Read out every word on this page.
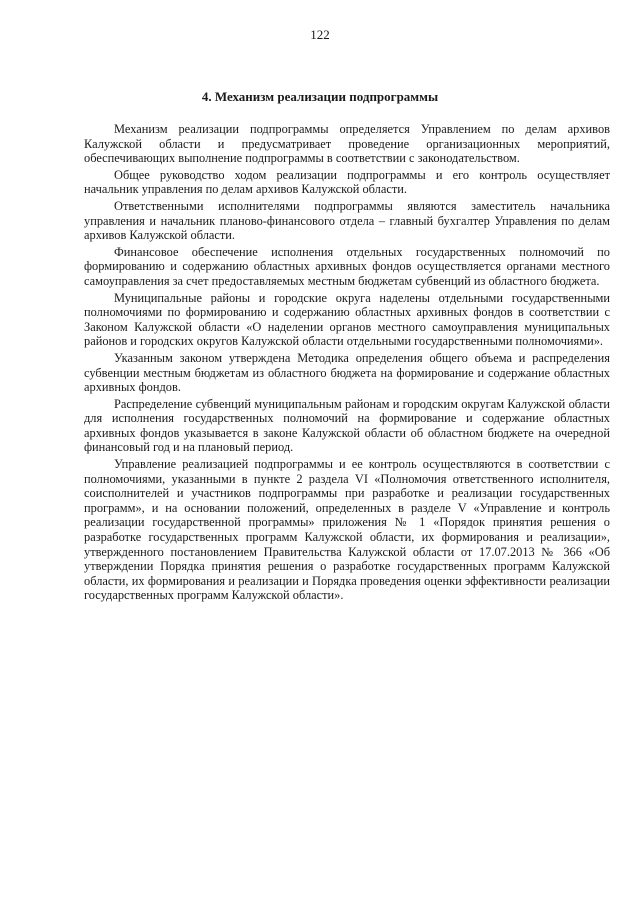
122
4. Механизм реализации подпрограммы

Механизм реализации подпрограммы определяется Управлением по делам архивов Калужской области и предусматривает проведение организационных мероприятий, обеспечивающих выполнение подпрограммы в соответствии с законодательством.

Общее руководство ходом реализации подпрограммы и его контроль осуществляет начальник управления по делам архивов Калужской области.

Ответственными исполнителями подпрограммы являются заместитель начальника управления и начальник планово-финансового отдела – главный бухгалтер Управления по делам архивов Калужской области.

Финансовое обеспечение исполнения отдельных государственных полномочий по формированию и содержанию областных архивных фондов осуществляется органами местного самоуправления за счет предоставляемых местным бюджетам субвенций из областного бюджета.

Муниципальные районы и городские округа наделены отдельными государственными полномочиями по формированию и содержанию областных архивных фондов в соответствии с Законом Калужской области «О наделении органов местного самоуправления муниципальных районов и городских округов Калужской области отдельными государственными полномочиями».

Указанным законом утверждена Методика определения общего объема и распределения субвенции местным бюджетам из областного бюджета на формирование и содержание областных архивных фондов.

Распределение субвенций муниципальным районам и городским округам Калужской области для исполнения государственных полномочий на формирование и содержание областных архивных фондов указывается в законе Калужской области об областном бюджете на очередной финансовый год и на плановый период.

Управление реализацией подпрограммы и ее контроль осуществляются в соответствии с полномочиями, указанными в пункте 2 раздела VI «Полномочия ответственного исполнителя, соисполнителей и участников подпрограммы при разработке и реализации государственных программ», и на основании положений, определенных в разделе V «Управление и контроль реализации государственной программы» приложения № 1 «Порядок принятия решения о разработке государственных программ Калужской области, их формирования и реализации», утвержденного постановлением Правительства Калужской области от 17.07.2013 № 366 «Об утверждении Порядка принятия решения о разработке государственных программ Калужской области, их формирования и реализации и Порядка проведения оценки эффективности реализации государственных программ Калужской области».
